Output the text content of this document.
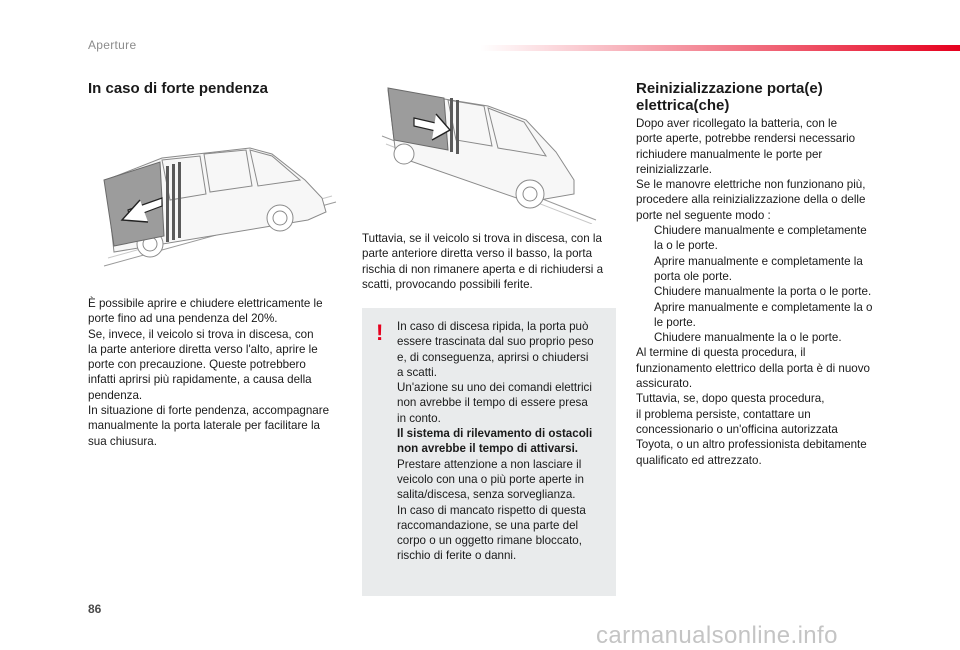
Aperture
In caso di forte pendenza

È possibile aprire e chiudere elettricamente le

porte fino ad una pendenza del 20%.

Se, invece, il veicolo si trova in discesa, con

la parte anteriore diretta verso l'alto, aprire le

porte con precauzione. Queste potrebbero

infatti aprirsi più rapidamente, a causa della

pendenza.

In situazione di forte pendenza, accompagnare

manualmente la porta laterale per facilitare la

sua chiusura.

Tuttavia, se il veicolo si trova in discesa, con la

parte anteriore diretta verso il basso, la porta

rischia di non rimanere aperta e di richiudersi a

scatti, provocando possibili ferite.

! In caso di discesa ripida, la porta può

essere trascinata dal suo proprio peso

e, di conseguenza, aprirsi o chiudersi

a scatti.

Un'azione su uno dei comandi elettrici

non avrebbe il tempo di essere presa

in conto.

Il sistema di rilevamento di ostacoli

non avrebbe il tempo di attivarsi.

Prestare attenzione a non lasciare il

veicolo con una o più porte aperte in

salita/discesa, senza sorveglianza.

In caso di mancato rispetto di questa

raccomandazione, se una parte del

corpo o un oggetto rimane bloccato,

rischio di ferite o danni.

Reinizializzazione porta(e)
elettrica(che)

Dopo aver ricollegato la batteria, con le

porte aperte, potrebbe rendersi necessario

richiudere manualmente le porte per

reinizializzarle.

Se le manovre elettriche non funzionano più,

procedere alla reinizializzazione della o delle

porte nel seguente modo :

Chiudere manualmente e completamente
la o le porte.
Aprire manualmente e completamente la
porta ole porte.
Chiudere manualmente la porta o le porte.
Aprire manualmente e completamente la o
le porte.
Chiudere manualmente la o le porte.

Al termine di questa procedura, il

funzionamento elettrico della porta è di nuovo

assicurato.

Tuttavia, se, dopo questa procedura,

il problema persiste, contattare un

concessionario o un'officina autorizzata

Toyota, o un altro professionista debitamente

qualificato ed attrezzato.

86
carmanualsonline.info
